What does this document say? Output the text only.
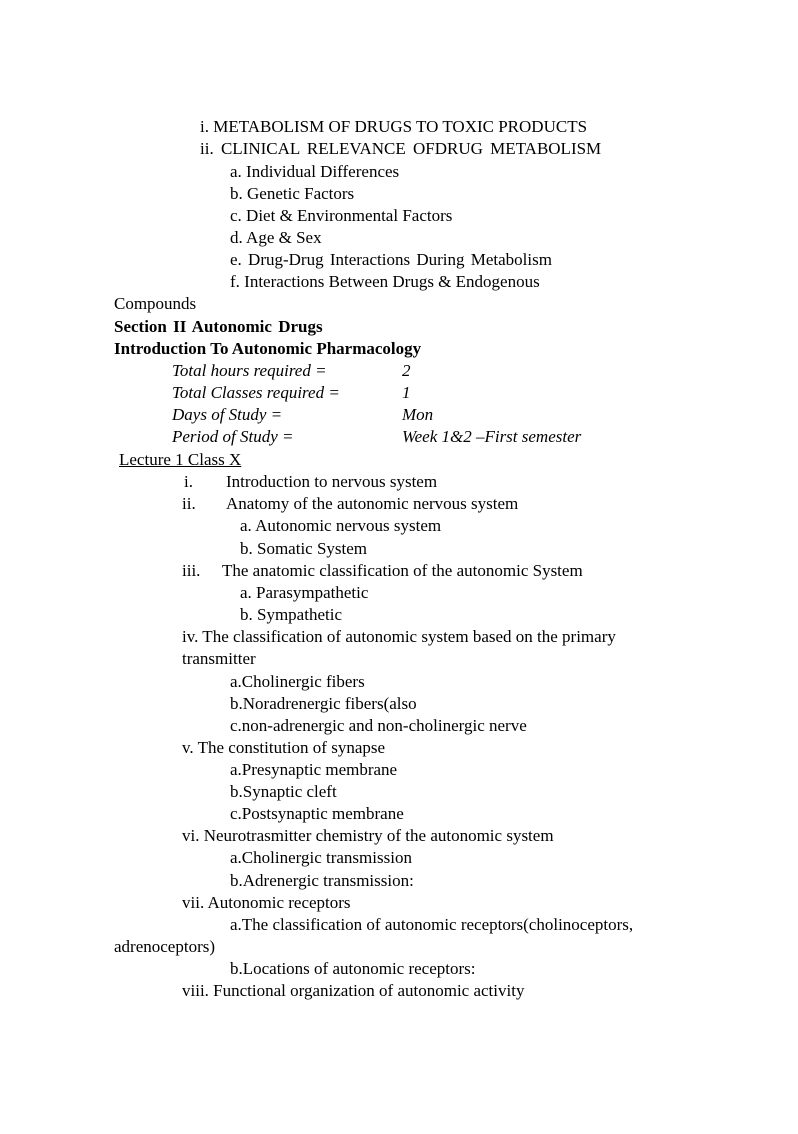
i. METABOLISM OF DRUGS TO TOXIC PRODUCTS
ii. CLINICAL RELEVANCE OFDRUG METABOLISM
a. Individual Differences
b. Genetic Factors
c. Diet & Environmental Factors
d. Age & Sex
e. Drug-Drug Interactions During Metabolism
f. Interactions Between Drugs & Endogenous
Compounds
Section II Autonomic Drugs
Introduction To Autonomic Pharmacology
Total hours required =	2
Total Classes required =	1
Days of Study =	Mon
Period of Study =	Week 1&2 –First semester
Lecture 1 Class X
i. Introduction to nervous system
ii. Anatomy of the autonomic nervous system
a. Autonomic nervous system
b. Somatic System
iii. The anatomic classification of the autonomic System
a. Parasympathetic
b. Sympathetic
iv. The classification of autonomic system based on the primary
transmitter
a.Cholinergic fibers
b.Noradrenergic fibers(also
c.non-adrenergic and non-cholinergic nerve
v. The constitution of synapse
a.Presynaptic membrane
b.Synaptic cleft
c.Postsynaptic membrane
vi. Neurotrasmitter chemistry of the autonomic system
a.Cholinergic transmission
b.Adrenergic transmission:
vii. Autonomic receptors
a.The classification of autonomic receptors(cholinoceptors,
adrenoceptors)
b.Locations of autonomic receptors:
viii. Functional organization of autonomic activity
